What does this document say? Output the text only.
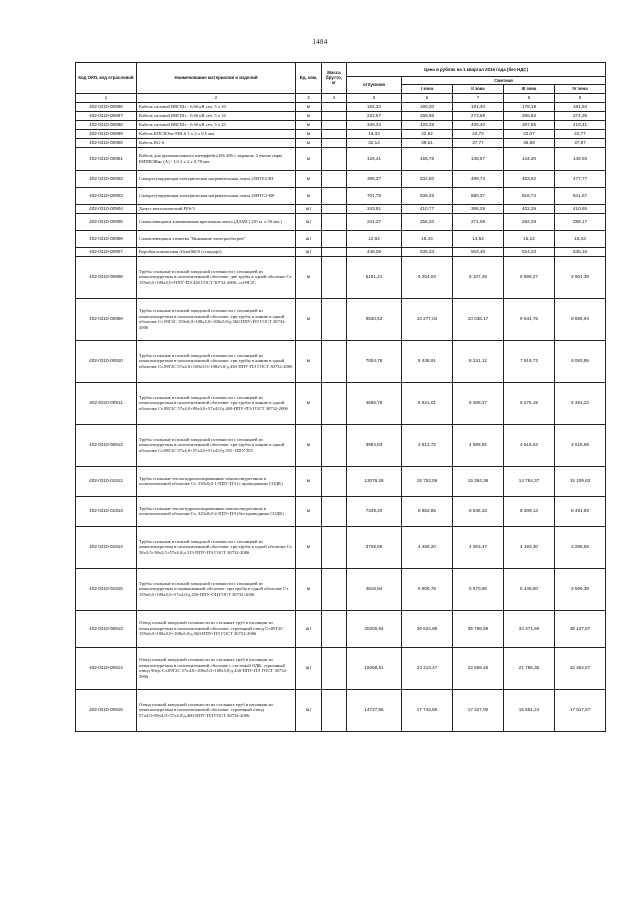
1484
Код ОКП, код отраслевой	Наименование материалов и изделий	Ед. изм.	Масса брутто, кг	Цена в рублях на 1 квартал 2016 года (без НДС)				
				отпускная	Сметная			
					I зона	II зона	III зона	IV зона
1	2	3	4	5	6	7	8	9
402-0310-00896	Кабель силовой ВВГШз - 0,66 кВ сеч. 5 х 10	м		154,34	180,20	181,40	178,19	181,84
402-0310-00897	Кабель силовой ВВГШз - 0,66 кВ сеч. 5 х 16	м		232,67	268,98	273,69	265,83	274,36
402-0310-00898	Кабель силовой ВВГШз - 0,66 кВ сеч. 5 х 25	м		346,34	429,28	405,40	397,65	410,41
402-0310-00899	Кабель КПСВЭнг-FRLS 1 х 2 х 0,5 мм.	м		19,33	22,62	22,72	22,07	22,77
402-0310-00900	Кабель RG-6	м		32,14	39,51	37,77	36,69	37,87
402-0310-00901	Кабель для промышленного интерфейса RS-485 с экраном, 2 витые пары КИПВЭВнг (А) - LS 2 х 2 х 0,78 мм.	м		126,41	155,78	148,57	144,30	148,93
402-0310-00902	Саморегулирующая электрическая нагревательная лента 25НТР2-ВТ	м		398,37	532,60	499,74	463,62	477,77
402-0310-00903	Саморегулирующая электрическая нагревательная лента 45НТС2-ВР	м		701,79	938,28	880,37	816,74	841,67
402-0310-00904	Хомут металлический РFS/3	шт		343,81	410,77	398,29	402,29	410,65
402-0310-00905	Самоклеющаяся алюминиевая крепежная лента (ДАМС) (50 м. х 50 мм.)	шт		241,27	256,20	271,08	282,29	288,17
402-0310-00906	Самоклеющаяся этикетка "Внимание электрообогрев"	шт		12,92	15,44	14,52	15,12	15,43
402-0310-00907	Коробка контактная Alsas060/S (стандарт)	шт		448,06	535,33	503,45	524,23	535,16
402-0310-00908	Трубы стальные в полной заводской готовности с изоляцией из пенополиуретана в полиэтиленовой оболочке: две трубы в одной оболочке Ст 159х6,0+108х5,0+ППУ-ПЭ 430 ГОСТ 30732-2006, ст.09Г2С	м		5191,21	6 254,04	6 107,48	5 889,27	5 901,39
402-0310-00909	Трубы стальные в полной заводской готовности с изоляцией из пенополиуретана в полиэтиленовой оболочке: три трубы в линию в одной оболочке Ст 09Г2С 159х6,0+108х5,0+108х5,0/д.560-ППУ-ПЭ ГОСТ 30732-2006	м		8530,53	10 277,04	10 036,17	9 644,75	9 856,94
402-0310-00910	Трубы стальные в полной заводской готовности с изоляцией из пенополиуретана в полиэтиленовой оболочке: три трубы в линию в одной оболочке Ст.09Г2С 57х4,0+108х5,0+108х5,0/д.430-ППУ-ПЭ ГОСТ 30732-2006	м		7004,78	8 438,91	8 241,12	7 919,72	8 093,95
402-0310-00911	Трубы стальные в полной заводской готовности с изоляцией из пенополиуретана в полиэтиленовой оболочке: три трубы в линию в одной оболочке Ст.09Г2С 57х4,0+89х4,0+57х4,0/д.400-ППУ-ПЭ ГОСТ 30732-2006	м		4665,78	5 621,01	5 489,27	5 275,19	5 391,24
402-0310-00912	Трубы стальные в полной заводской готовности с изоляцией из пенополиуретана в полиэтиленовой оболочке: три трубы в линию в одной оболочке Ст.09Г2С 57х4,0+57х4,0+57х4,0/д.355 -ППУ-ПЭ	м		3994,83	4 812,72	4 699,92	4 516,62	4 615,99
402-0310-01912	Трубы стальные теплогидроизолированные пенополиуретаном в полиэтиленовой оболочке Ст. 530х9,0-1-ППУ-ПЭ (с проводником СОДК)	м		13076,26	15 753,59	15 384,36	14 784,37	15 109,63
402-0310-01913	Трубы стальные теплогидроизолированные пенополиуретаном в полиэтиленовой оболочке Ст. 325х8,0-2-ППУ-ПЭ (без проводника СОДК)	м		7349,20	8 853,85	8 646,33	8 309,13	8 491,93
402-0310-01914	Трубы стальные в полной заводской готовности с изоляцией из пенополиуретана в полиэтиленовой оболочке: три трубы в одной оболочке Ст. 38х3,5+38х3,5+57х4,0/д.315-ППУ-ПЭ ГОСТ 30732-2006	м		3708,86	4 468,20	4 363,47	4 193,30	4 285,55
402-0310-01915	Трубы стальные в полной заводской готовности с изоляцией из пенополиуретана и оцинкованной оболочке: три трубы в одной оболочке Ст. 159х6,0+108х5,0+57х4,0/д.450-ППУ-ОЦ ГОСТ 30732-2006	м		4819,94	5 806,76	5 670,66	5 449,50	5 569,38
402-0310-00913	Отвод полной заводской готовности из стальных труб в изоляции из пенополиуретана в полиэтиленовой оболочке: строенный отвод Ст.09Г2С 159х6,0+108х5,0+108х5,0/д.560-ППУ-ПЭ ГОСТ 30732-2006	шт		30400,84	36 624,89	35 766,59	34 371,69	35 127,87
402-0310-00914	Отвод полной заводской готовности из стальных труб в изоляции из пенополиуретана в полиэтиленовой оболочке с системой ОДК: строенный отвод 90гр. Ст.09Г2С 57х4,0+108х5,0+108х5,0/д.430-ППУ-ПЭ ГОСТ 30732-2006	шт		19268,51	23 213,47	22 669,46	21 785,35	22 264,67
402-0310-00915	Отвод полной заводской готовности из стальных труб в изоляции из пенополиуретана в полиэтиленовой оболочке: строенный отвод 57х4,0+89х4,0+57х4,0/д.400-ППУ-ПЭ ГОСТ 30732-2006	шт		14727,56	17 742,85	17 327,00	16 651,24	17 017,57
